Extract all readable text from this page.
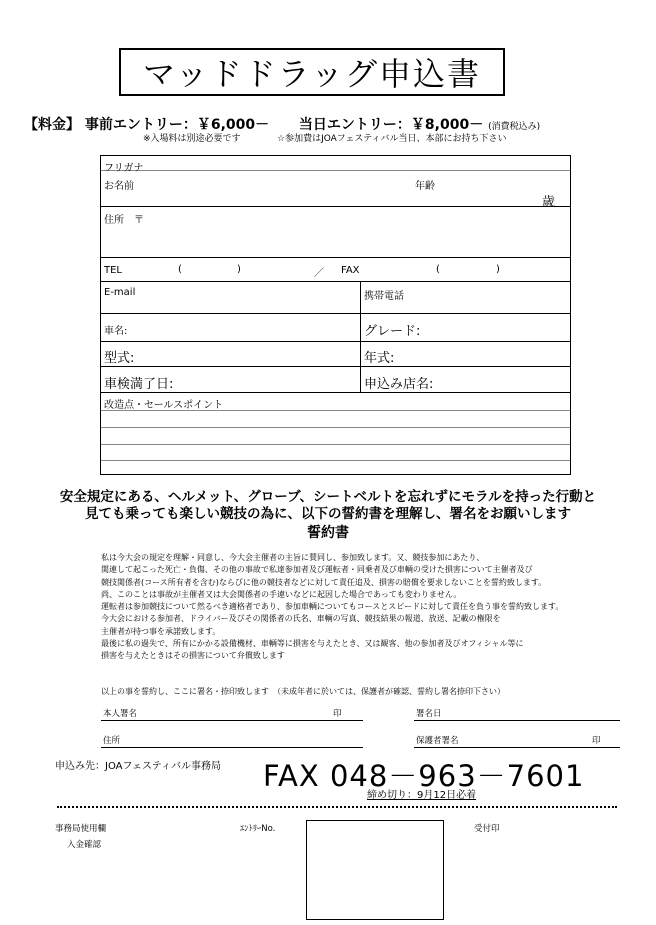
マッドドラッグ申込書
【料金】 事前エントリー：￥6,000－ 当日エントリー：￥8,000－ (消費税込み)
※入場料は別途必要です	☆参加費はJOAフェスティバル当日、本部にお持ち下さい
フリガナ
お名前	年齢
歳
住所　〒
TEL	(	)	／ FAX	(	)
E-mail	携帯電話
車名:	グレード:
型式:	年式:
車検満了日:	申込み店名:
改造点・セールスポイント
安全規定にある、ヘルメット、グローブ、シートベルトを忘れずにモラルを持った行動と
見ても乗っても楽しい競技の為に、以下の誓約書を理解し、署名をお願いします
誓約書

私は今大会の規定を理解・同意し、今大会主催者の主旨に賛同し、参加致します。又、競技参加にあたり、

関連して起こった死亡・負傷、その他の事故で私達参加者及び運転者・同乗者及び車輌の受けた損害について主催者及び

競技関係者(コース所有者を含む)ならびに他の競技者などに対して責任追及、損害の賠償を要求しないことを誓約致します。

尚、このことは事故が主催者又は大会関係者の手違いなどに起因した場合であっても変わりません。

運転者は参加競技について然るべき適格者であり、参加車輌についてもコースとスピードに対して責任を負う事を誓約致します。

今大会における参加者、ドライバー及びその関係者の氏名、車輌の写真、競技結果の報道、放送、記載の権限を

主催者が持つ事を承諾致します。

最後に私の過失で、所有にかかる設備機材、車輌等に損害を与えたとき、又は観客、他の参加者及びオフィシャル等に

損害を与えたときはその損害について弁償致します

以上の事を誓約し、ここに署名・捺印致します　（未成年者に於いては、保護者が確認、誓約し署名捺印下さい）
本人署名	印	署名日
住所	保護者署名	印
申込み先：JOAフェスティバル事務局 FAX 048－963－7601
締め切り：9月12日必着
事務局使用欄
入金確認
ｴﾝﾄﾘｰNo.	受付印
